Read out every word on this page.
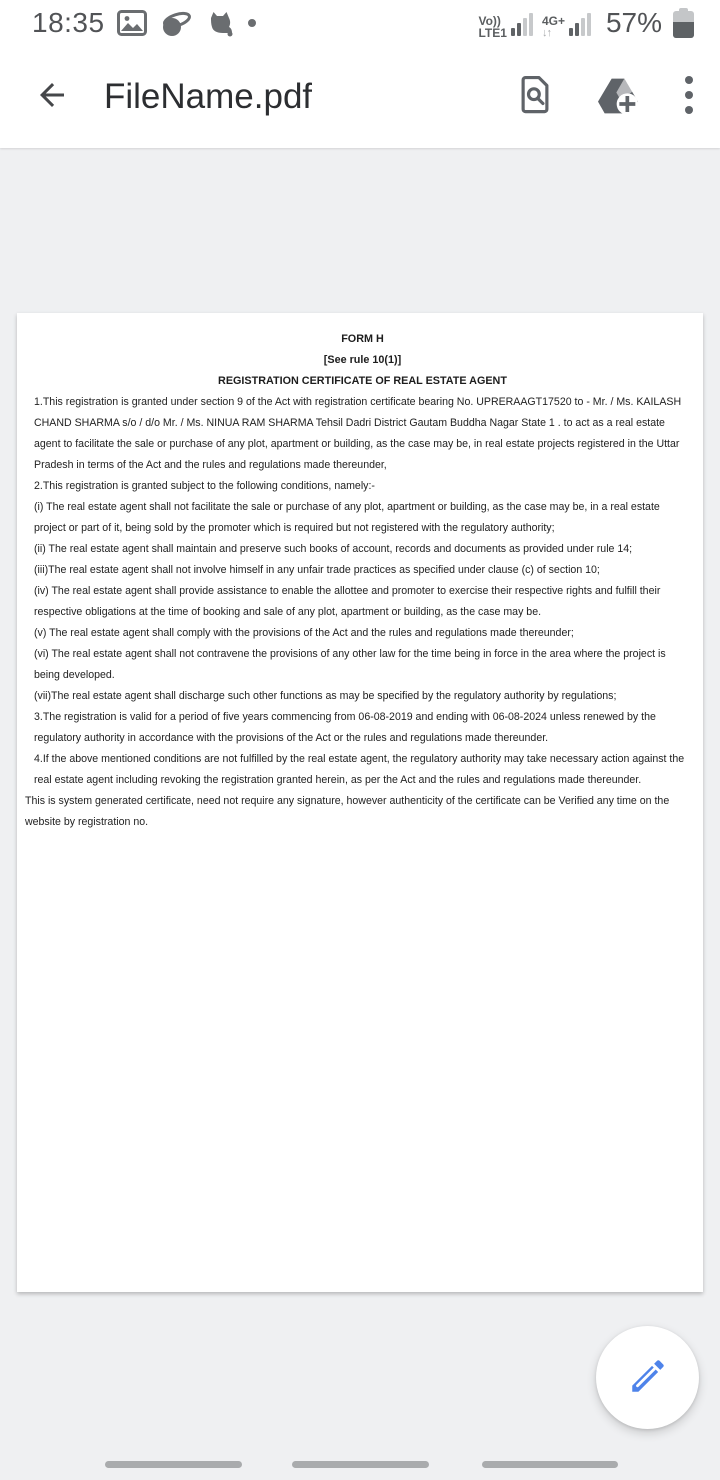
18:35	Vo))
LTE1
4G+
↓↑ 57%
FileName.pdf
FORM H
[See rule 10(1)]
REGISTRATION CERTIFICATE OF REAL ESTATE AGENT

1.This registration is granted under section 9 of the Act with registration certificate bearing No. UPRERAAGT17520 to - Mr. / Ms. KAILASH CHAND SHARMA s/o / d/o Mr. / Ms. NINUA RAM SHARMA Tehsil Dadri District Gautam Buddha Nagar State 1 . to act as a real estate agent to facilitate the sale or purchase of any plot, apartment or building, as the case may be, in real estate projects registered in the Uttar Pradesh in terms of the Act and the rules and regulations made thereunder,

2.This registration is granted subject to the following conditions, namely:-

(i) The real estate agent shall not facilitate the sale or purchase of any plot, apartment or building, as the case may be, in a real estate project or part of it, being sold by the promoter which is required but not registered with the regulatory authority;

(ii) The real estate agent shall maintain and preserve such books of account, records and documents as provided under rule 14;

(iii)The real estate agent shall not involve himself in any unfair trade practices as specified under clause (c) of section 10;

(iv) The real estate agent shall provide assistance to enable the allottee and promoter to exercise their respective rights and fulfill their respective obligations at the time of booking and sale of any plot, apartment or building, as the case may be.

(v) The real estate agent shall comply with the provisions of the Act and the rules and regulations made thereunder;

(vi) The real estate agent shall not contravene the provisions of any other law for the time being in force in the area where the project is being developed.

(vii)The real estate agent shall discharge such other functions as may be specified by the regulatory authority by regulations;

3.The registration is valid for a period of five years commencing from 06-08-2019 and ending with 06-08-2024 unless renewed by the regulatory authority in accordance with the provisions of the Act or the rules and regulations made thereunder.

4.If the above mentioned conditions are not fulfilled by the real estate agent, the regulatory authority may take necessary action against the real estate agent including revoking the registration granted herein, as per the Act and the rules and regulations made thereunder.

This is system generated certificate, need not require any signature, however authenticity of the certificate can be Verified any time on the website by registration no.
